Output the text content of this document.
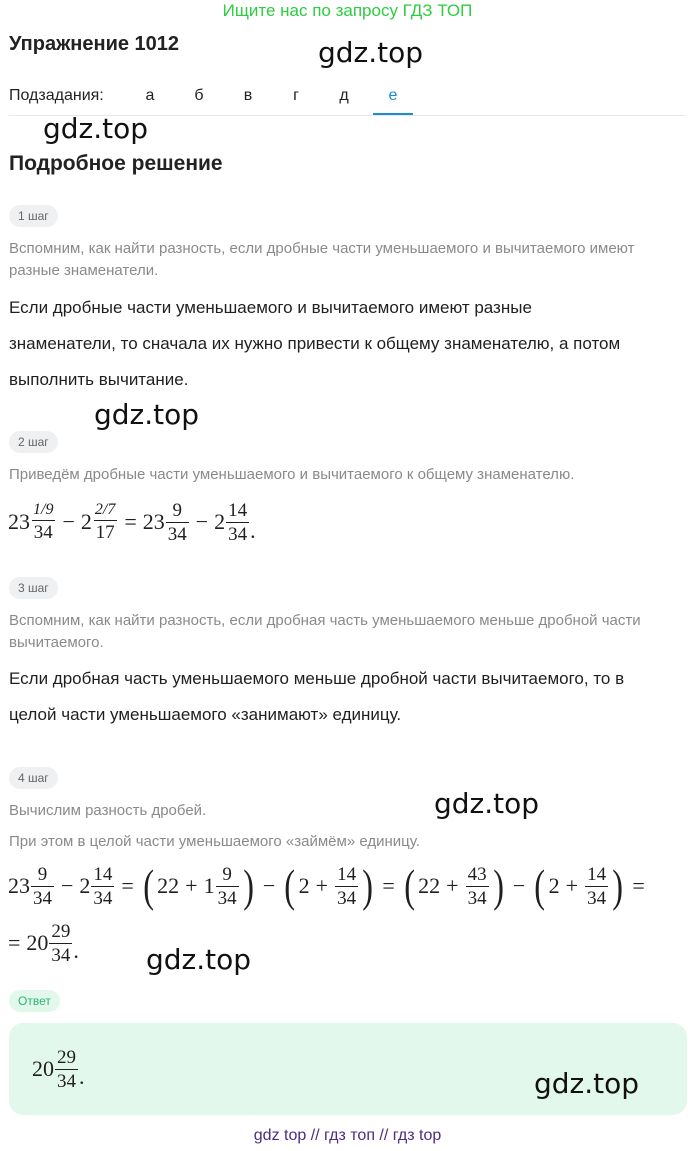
Ищите нас по запросу ГДЗ ТОП
Упражнение 1012	gdz.top
Подзадания:	а	б	в	г	д	е
gdz.top
Подробное решение
1 шаг
Вспомним, как найти разность, если дробные части уменьшаемого и вычитаемого имеют разные знаменатели.
Если дробные части уменьшаемого и вычитаемого имеют разные
знаменатели, то сначала их нужно привести к общему знаменателю, а потом
выполнить вычитание.
gdz.top
2 шаг
Приведём дробные части уменьшаемого и вычитаемого к общему знаменателю.
$23 \frac{1/9}{34} - 2 \frac{2/7}{17} = 23 \frac{9}{34} - 2 \frac{14}{34}$ .
3 шаг
Вспомним, как найти разность, если дробная часть уменьшаемого меньше дробной части вычитаемого.
Если дробная часть уменьшаемого меньше дробной части вычитаемого, то в
целой части уменьшаемого «занимают» единицу.
4 шаг
Вычислим разность дробей.	gdz.top
При этом в целой части уменьшаемого «займём» единицу.
$23 \frac{9}{34} - 2 \frac{14}{34}$ = ( $22 + 1 \frac{9}{34}$ ) − ( $2 + \frac{14}{34}$ ) = ( $22 + \frac{43}{34}$ ) − ( $2 + \frac{14}{34}$ ) =
= $20 \frac{29}{34}$ . gdz.top
Ответ
$20 \frac{29}{34}$ .	gdz.top
gdz top // гдз топ // гдз top
